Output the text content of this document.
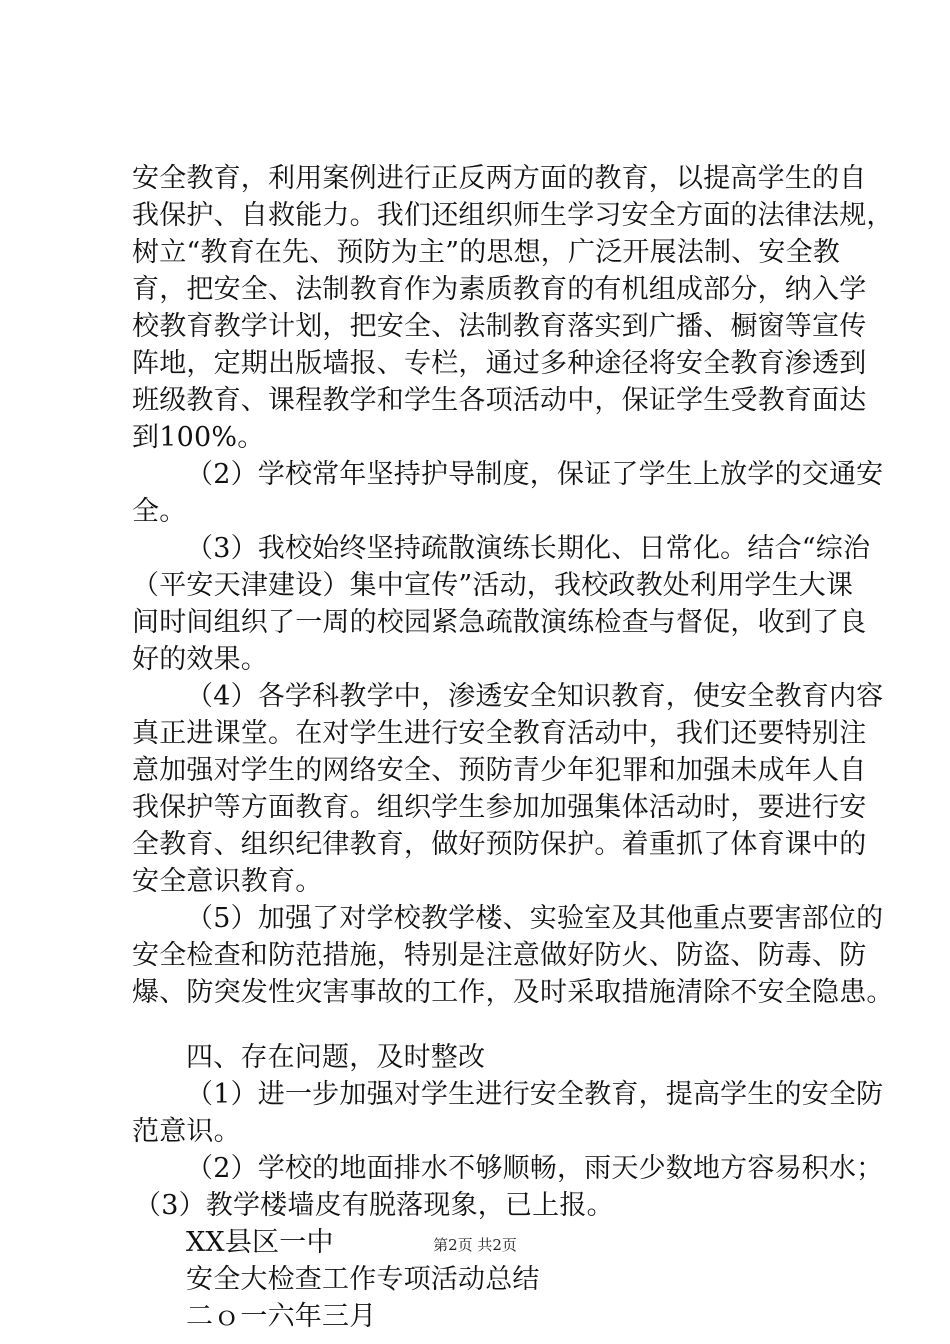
安全教育，利用案例进行正反两方面的教育，以提高学生的自
我保护、自救能力。我们还组织师生学习安全方面的法律法规，
树立“教育在先、预防为主”的思想，广泛开展法制、安全教
育，把安全、法制教育作为素质教育的有机组成部分，纳入学
校教育教学计划，把安全、法制教育落实到广播、橱窗等宣传
阵地，定期出版墙报、专栏，通过多种途径将安全教育渗透到
班级教育、课程教学和学生各项活动中，保证学生受教育面达
到100%。
（2）学校常年坚持护导制度，保证了学生上放学的交通安
全。
（3）我校始终坚持疏散演练长期化、日常化。结合“综治
（平安天津建设）集中宣传”活动，我校政教处利用学生大课
间时间组织了一周的校园紧急疏散演练检查与督促，收到了良
好的效果。
（4）各学科教学中，渗透安全知识教育，使安全教育内容
真正进课堂。在对学生进行安全教育活动中，我们还要特别注
意加强对学生的网络安全、预防青少年犯罪和加强未成年人自
我保护等方面教育。组织学生参加加强集体活动时，要进行安
全教育、组织纪律教育，做好预防保护。着重抓了体育课中的
安全意识教育。
（5）加强了对学校教学楼、实验室及其他重点要害部位的
安全检查和防范措施，特别是注意做好防火、防盗、防毒、防
爆、防突发性灾害事故的工作，及时采取措施清除不安全隐患。
四、存在问题，及时整改
（1）进一步加强对学生进行安全教育，提高学生的安全防
范意识。
（2）学校的地面排水不够顺畅，雨天少数地方容易积水；
（3）教学楼墙皮有脱落现象，已上报。
XX县区一中
安全大检查工作专项活动总结
二ｏ一六年三月
第2页 共2页
